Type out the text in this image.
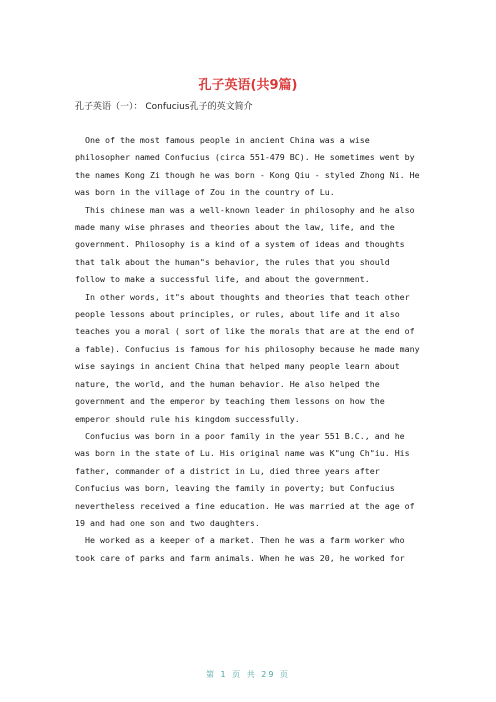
孔子英语(共9篇)
孔子英语（一）： Confucius孔子的英文简介
One of the most famous people in ancient China was a wise
philosopher named Confucius (circa 551-479 BC). He sometimes went by
the names Kong Zi though he was born - Kong Qiu - styled Zhong Ni. He
was born in the village of Zou in the country of Lu.
This chinese man was a well-known leader in philosophy and he also
made many wise phrases and theories about the law, life, and the
government. Philosophy is a kind of a system of ideas and thoughts
that talk about the human"s behavior, the rules that you should
follow to make a successful life, and about the government.
In other words, it"s about thoughts and theories that teach other
people lessons about principles, or rules, about life and it also
teaches you a moral ( sort of like the morals that are at the end of
a fable). Confucius is famous for his philosophy because he made many
wise sayings in ancient China that helped many people learn about
nature, the world, and the human behavior. He also helped the
government and the emperor by teaching them lessons on how the
emperor should rule his kingdom successfully.
Confucius was born in a poor family in the year 551 B.C., and he
was born in the state of Lu. His original name was K"ung Ch"iu. His
father, commander of a district in Lu, died three years after
Confucius was born, leaving the family in poverty; but Confucius
nevertheless received a fine education. He was married at the age of
19 and had one son and two daughters.
He worked as a keeper of a market. Then he was a farm worker who
took care of parks and farm animals. When he was 20, he worked for
第 1 页 共 29 页
